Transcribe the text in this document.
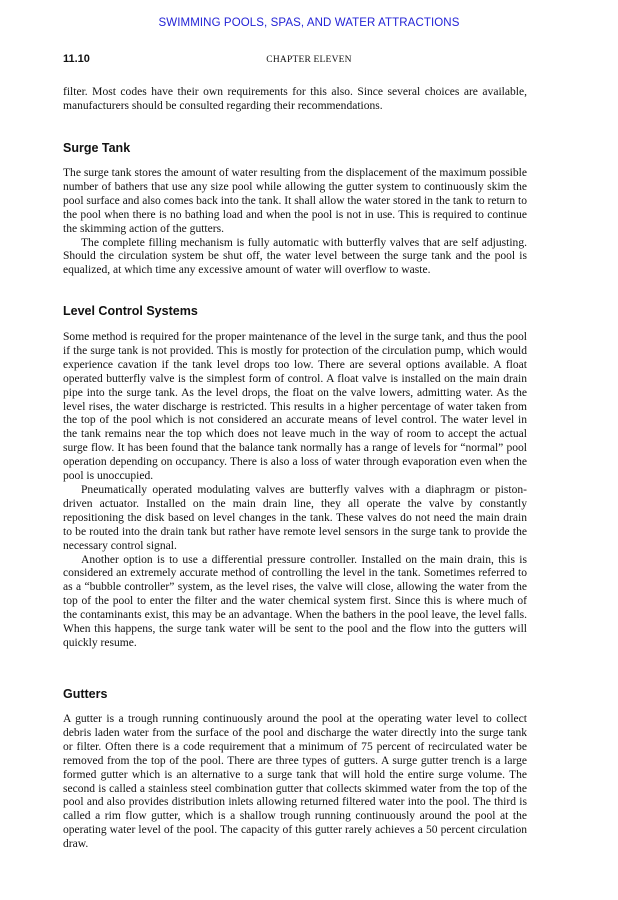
SWIMMING POOLS, SPAS, AND WATER ATTRACTIONS
11.10	CHAPTER ELEVEN

filter. Most codes have their own requirements for this also. Since several choices are available, manufacturers should be consulted regarding their recommendations.

Surge Tank

The surge tank stores the amount of water resulting from the displacement of the maximum possible number of bathers that use any size pool while allowing the gutter system to continuously skim the pool surface and also comes back into the tank. It shall allow the water stored in the tank to return to the pool when there is no bathing load and when the pool is not in use. This is required to continue the skimming action of the gutters.

The complete filling mechanism is fully automatic with butterfly valves that are self adjusting. Should the circulation system be shut off, the water level between the surge tank and the pool is equalized, at which time any excessive amount of water will overflow to waste.

Level Control Systems

Some method is required for the proper maintenance of the level in the surge tank, and thus the pool if the surge tank is not provided. This is mostly for protection of the circulation pump, which would experience cavation if the tank level drops too low. There are several options available. A float operated butterfly valve is the simplest form of control. A float valve is installed on the main drain pipe into the surge tank. As the level drops, the float on the valve lowers, admitting water. As the level rises, the water discharge is restricted. This results in a higher percentage of water taken from the top of the pool which is not considered an accurate means of level control. The water level in the tank remains near the top which does not leave much in the way of room to accept the actual surge flow. It has been found that the balance tank normally has a range of levels for “normal” pool operation depending on occupancy. There is also a loss of water through evaporation even when the pool is unoccupied.

Pneumatically operated modulating valves are butterfly valves with a diaphragm or piston-driven actuator. Installed on the main drain line, they all operate the valve by constantly repositioning the disk based on level changes in the tank. These valves do not need the main drain to be routed into the drain tank but rather have remote level sensors in the surge tank to provide the necessary control signal.

Another option is to use a differential pressure controller. Installed on the main drain, this is considered an extremely accurate method of controlling the level in the tank. Sometimes referred to as a “bubble controller” system, as the level rises, the valve will close, allowing the water from the top of the pool to enter the filter and the water chemical system first. Since this is where much of the contaminants exist, this may be an advantage. When the bathers in the pool leave, the level falls. When this happens, the surge tank water will be sent to the pool and the flow into the gutters will quickly resume.

Gutters

A gutter is a trough running continuously around the pool at the operating water level to collect debris laden water from the surface of the pool and discharge the water directly into the surge tank or filter. Often there is a code requirement that a minimum of 75 percent of recirculated water be removed from the top of the pool. There are three types of gutters. A surge gutter trench is a large formed gutter which is an alternative to a surge tank that will hold the entire surge volume. The second is called a stainless steel combination gutter that collects skimmed water from the top of the pool and also provides distribution inlets allowing returned filtered water into the pool. The third is called a rim flow gutter, which is a shallow trough running continuously around the pool at the operating water level of the pool. The capacity of this gutter rarely achieves a 50 percent circulation draw.
